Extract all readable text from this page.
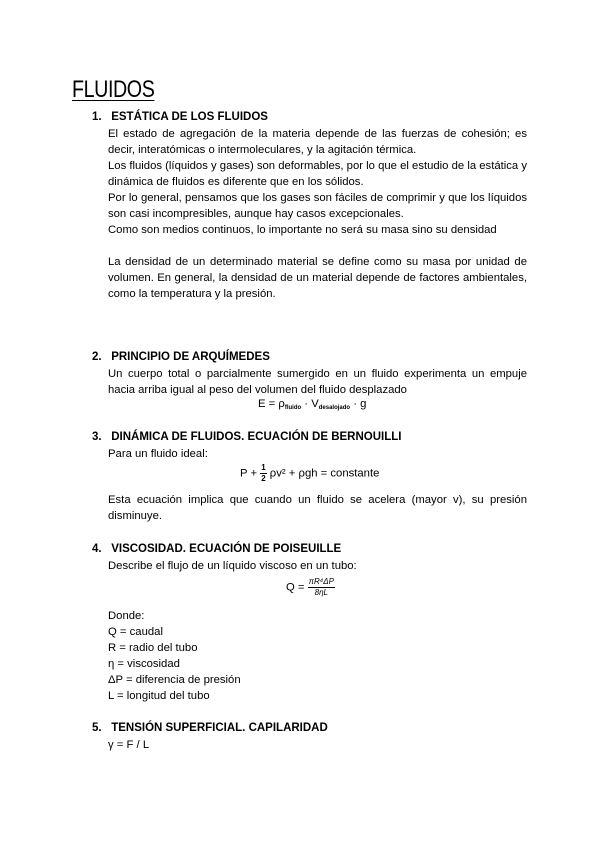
FLUIDOS
1. ESTÁTICA DE LOS FLUIDOS
El estado de agregación de la materia depende de las fuerzas de cohesión; es decir, interatómicas o intermoleculares, y la agitación térmica.
Los fluidos (líquidos y gases) son deformables, por lo que el estudio de la estática y dinámica de fluidos es diferente que en los sólidos.
Por lo general, pensamos que los gases son fáciles de comprimir y que los líquidos son casi incompresibles, aunque hay casos excepcionales.
Como son medios continuos, lo importante no será su masa sino su densidad
La densidad de un determinado material se define como su masa por unidad de volumen. En general, la densidad de un material depende de factores ambientales, como la temperatura y la presión.
2. PRINCIPIO DE ARQUÍMEDES
Un cuerpo total o parcialmente sumergido en un fluido experimenta un empuje hacia arriba igual al peso del volumen del fluido desplazado
$E = \rho_{fluido} \cdot V_{desalojado} \cdot g$
3. DINÁMICA DE FLUIDOS. ECUACIÓN DE BERNOUILLI
Para un fluido ideal:
$P + \frac{1}{2} \rho v^2 + \rho gh$ = constante
Esta ecuación implica que cuando un fluido se acelera (mayor v), su presión disminuye.
4. VISCOSIDAD. ECUACIÓN DE POISEUILLE
Describe el flujo de un líquido viscoso en un tubo:
$Q = \frac{\text{πR⁴ΔP}}{8\eta L}$
Donde:
Q = caudal
R = radio del tubo
η = viscosidad
ΔP = diferencia de presión
L = longitud del tubo
5. TENSIÓN SUPERFICIAL. CAPILARIDAD
γ = F / L
